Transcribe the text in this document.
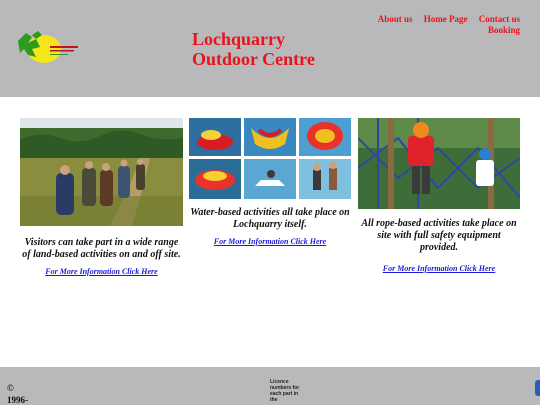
Lochquarry
Outdoor Centre
About us Home Page Contact us
Booking

Visitors can take part in a wide range of land-based activities on and off site.

For More Information Click Here

Water-based activities all take place on Lochquarry itself.

For More Information Click Here

All rope-based activities take place on site with full safety equipment provided.

For More Information Click Here
©
1996-
Licence numbers for each part in the
